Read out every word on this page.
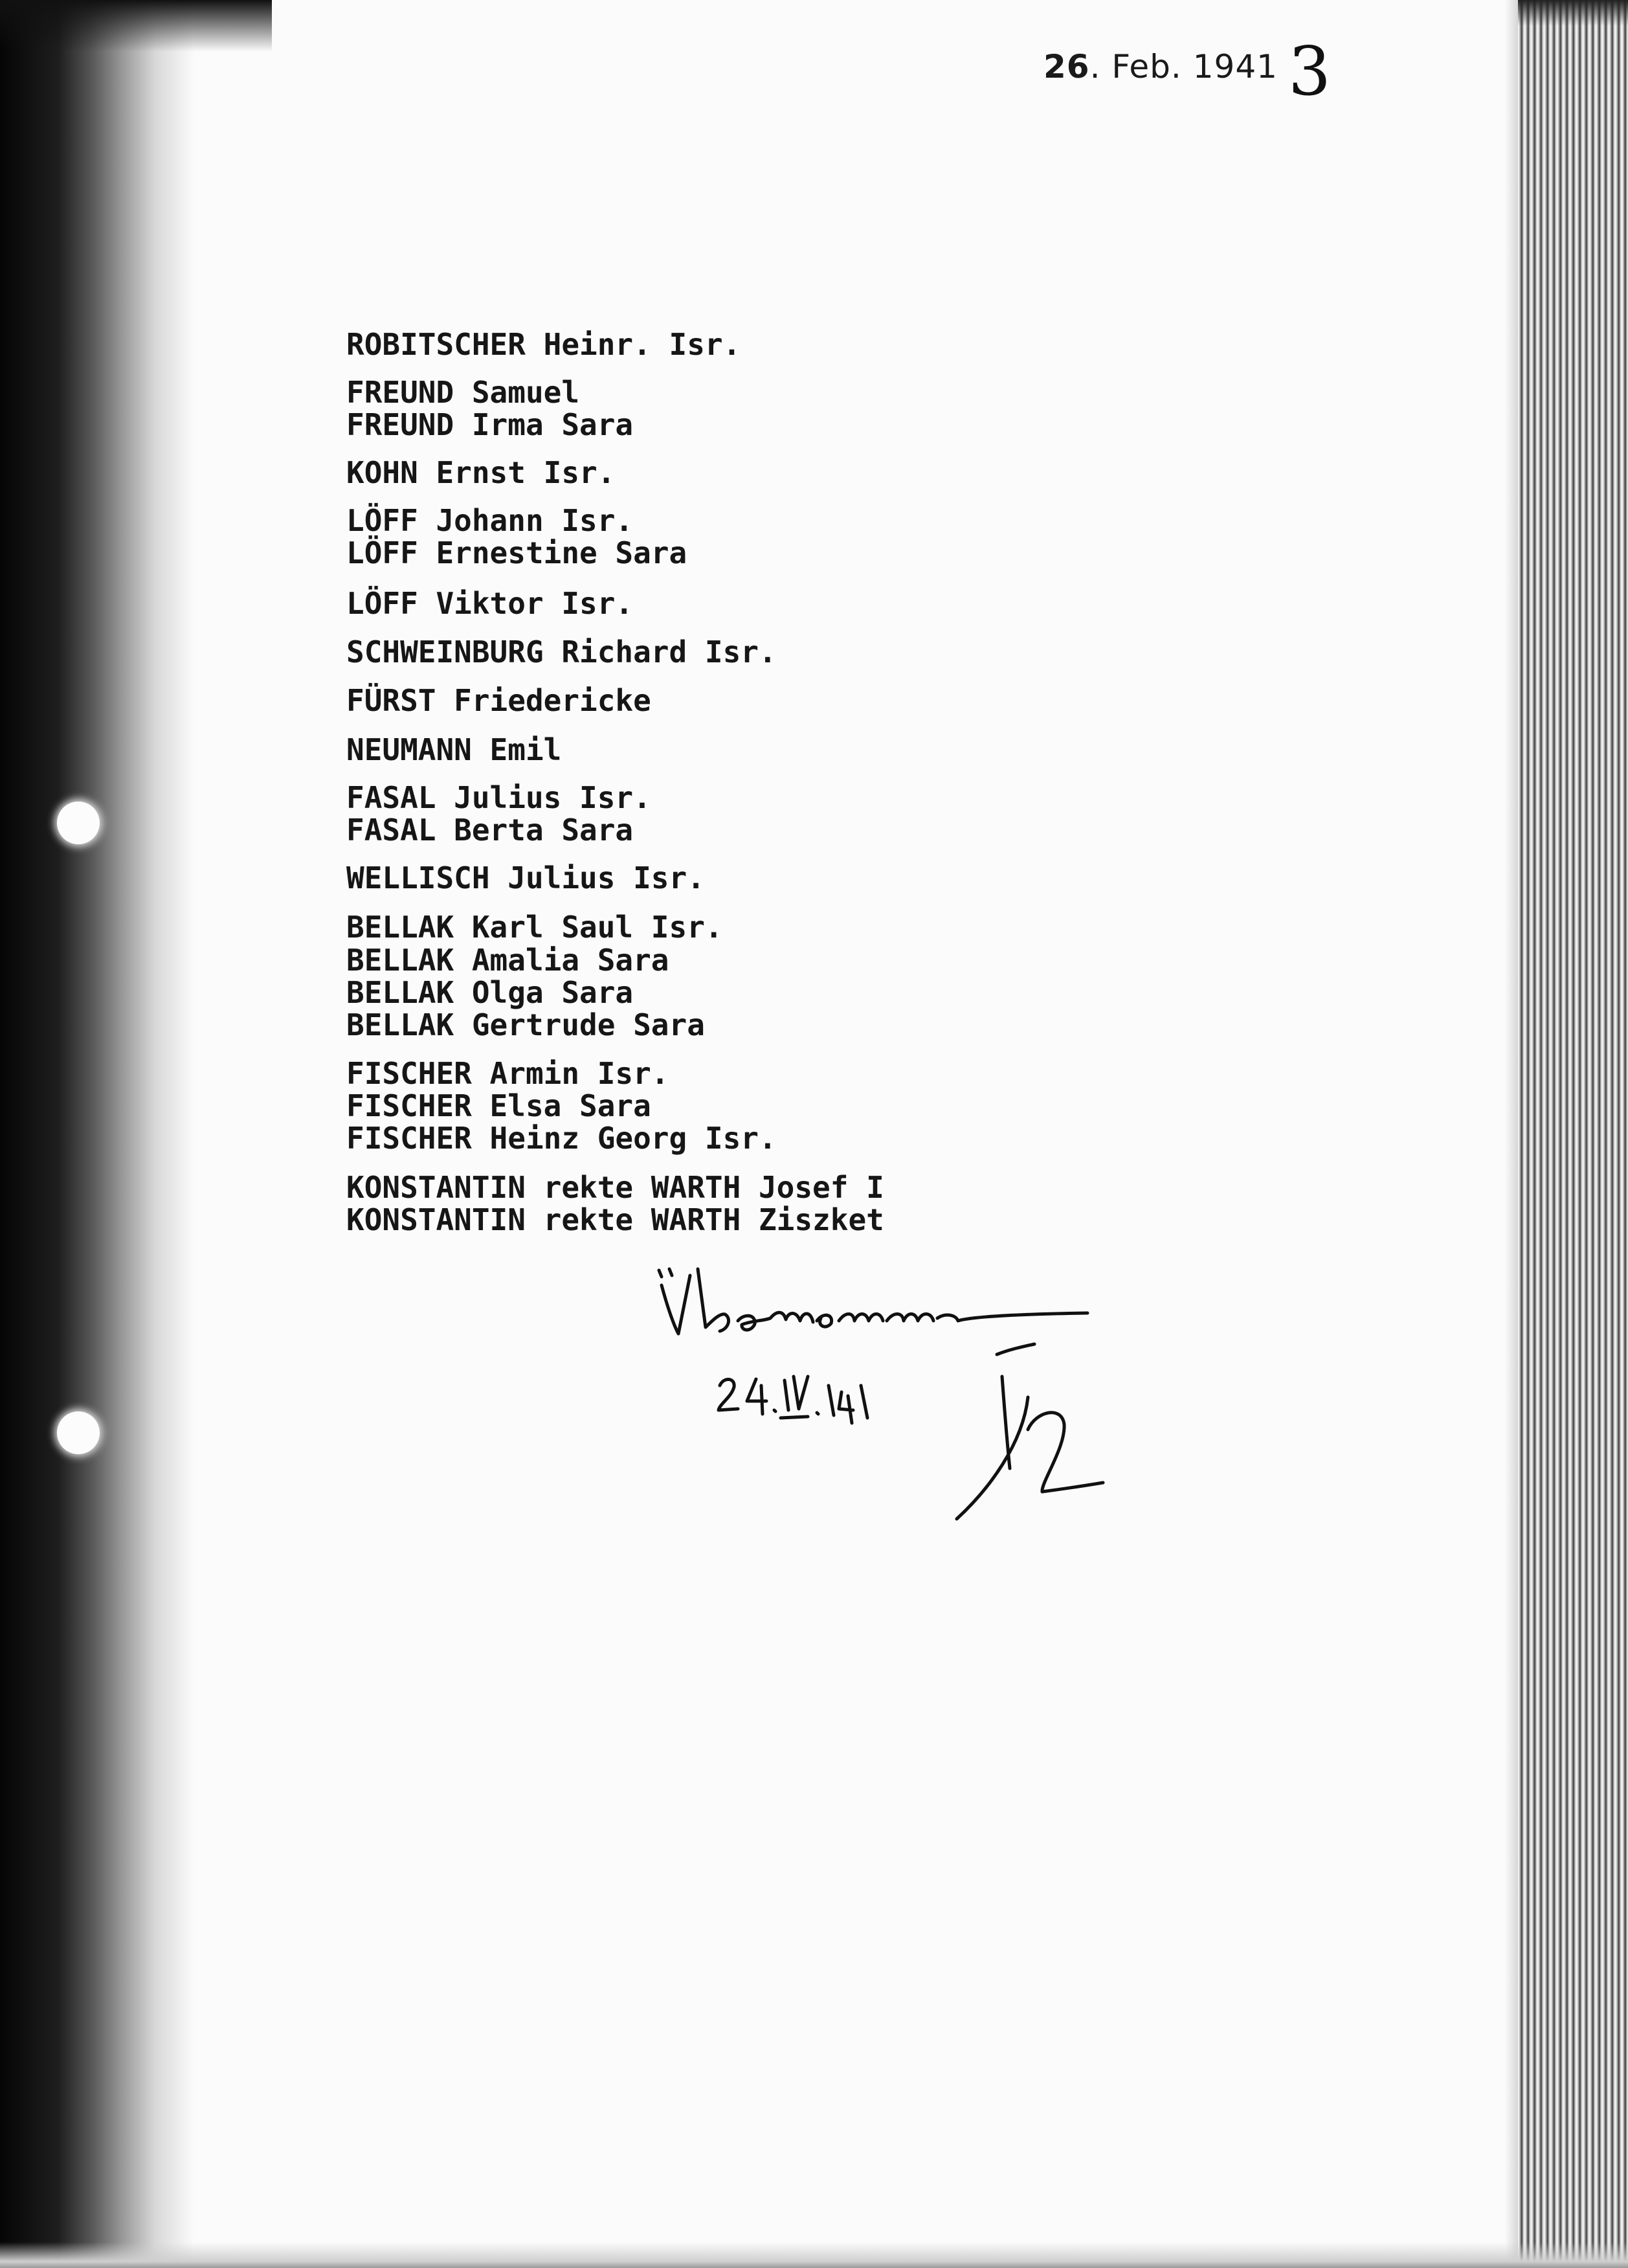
26. Feb. 1941 3
ROBITSCHER Heinr. Isr.
FREUND Samuel
FREUND Irma Sara
KOHN Ernst Isr.
LÖFF Johann Isr.
LÖFF Ernestine Sara
LÖFF Viktor Isr.
SCHWEINBURG Richard Isr.
FÜRST Friedericke
NEUMANN Emil
FASAL Julius Isr.
FASAL Berta Sara
WELLISCH Julius Isr.
BELLAK Karl Saul Isr.
BELLAK Amalia Sara
BELLAK Olga Sara
BELLAK Gertrude Sara
FISCHER Armin Isr.
FISCHER Elsa Sara
FISCHER Heinz Georg Isr.
KONSTANTIN rekte WARTH Josef I
KONSTANTIN rekte WARTH Ziszket
Übernommen
24.IV.1941
R
